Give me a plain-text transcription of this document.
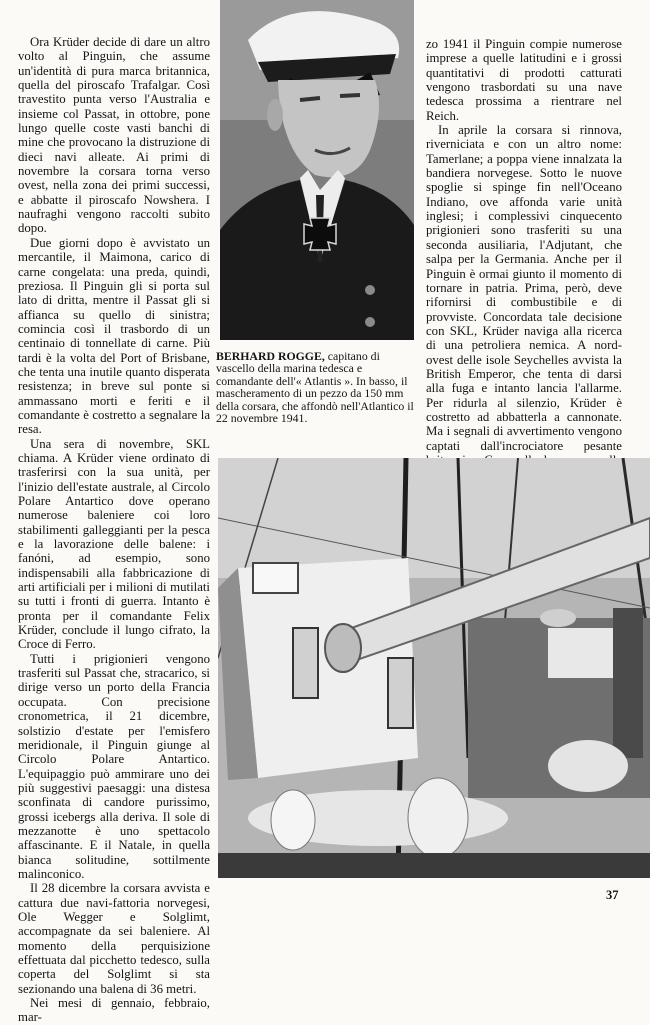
Ora Krüder decide di dare un altro volto al Pinguin, che assume un'identità di pura marca britannica, quella del piroscafo Trafalgar. Così travestito punta verso l'Australia e insieme col Passat, in ottobre, pone lungo quelle coste vasti banchi di mine che provocano la distruzione di dieci navi alleate. Ai primi di novembre la corsara torna verso ovest, nella zona dei primi successi, e abbatte il piroscafo Nowshera. I naufraghi vengono raccolti subito dopo.

Due giorni dopo è avvistato un mercantile, il Maimona, carico di carne congelata: una preda, quindi, preziosa. Il Pinguin gli si porta sul lato di dritta, mentre il Passat gli si affianca su quello di sinistra; comincia così il trasbordo di un centinaio di tonnellate di carne. Più tardi è la volta del Port of Brisbane, che tenta una inutile quanto disperata resistenza; in breve sul ponte si ammassano morti e feriti e il comandante è costretto a segnalare la resa.

Una sera di novembre, SKL chiama. A Krüder viene ordinato di trasferirsi con la sua unità, per l'inizio dell'estate australe, al Circolo Polare Antartico dove operano numerose baleniere coi loro stabilimenti galleggianti per la pesca e la lavorazione delle balene: i fanóni, ad esempio, sono indispensabili alla fabbricazione di arti artificiali per i milioni di mutilati su tutti i fronti di guerra. Intanto è pronta per il comandante Felix Krüder, conclude il lungo cifrato, la Croce di Ferro.

Tutti i prigionieri vengono trasferiti sul Passat che, stracarico, si dirige verso un porto della Francia occupata. Con precisione cronometrica, il 21 dicembre, solstizio d'estate per l'emisfero meridionale, il Pinguin giunge al Circolo Polare Antartico. L'equipaggio può ammirare uno dei più suggestivi paesaggi: una distesa sconfinata di candore purissimo, grossi icebergs alla deriva. Il sole di mezzanotte è uno spettacolo affascinante. E il Natale, in quella bianca solitudine, sottilmente malinconico.

Il 28 dicembre la corsara avvista e cattura due navi-fattoria norvegesi, Ole Wegger e Solglimt, accompagnate da sei baleniere. Al momento della perquisizione effettuata dal picchetto tedesco, sulla coperta del Solglimt si sta sezionando una balena di 36 metri.

Nei mesi di gennaio, febbraio, mar-

BERHARD ROGGE, capitano di vascello della marina tedesca e comandante dell'« Atlantis ». In basso, il mascheramento di un pezzo da 150 mm della corsara, che affondò nell'Atlantico il 22 novembre 1941.

zo 1941 il Pinguin compie numerose imprese a quelle latitudini e i grossi quantitativi di prodotti catturati vengono trasbordati su una nave tedesca prossima a rientrare nel Reich.

In aprile la corsara si rinnova, riverniciata e con un altro nome: Tamerlane; a poppa viene innalzata la bandiera norvegese. Sotto le nuove spoglie si spinge fin nell'Oceano Indiano, ove affonda varie unità inglesi; i complessivi cinquecento prigionieri sono trasferiti su una seconda ausiliaria, l'Adjutant, che salpa per la Germania. Anche per il Pinguin è ormai giunto il momento di tornare in patria. Prima, però, deve rifornirsi di combustibile e di provviste. Concordata tale decisione con SKL, Krüder naviga alla ricerca di una petroliera nemica. A nord-ovest delle isole Seychelles avvista la British Emperor, che tenta di darsi alla fuga e intanto lancia l'allarme. Per ridurla al silenzio, Krüder è costretto ad abbatterla a cannonate. Ma i segnali di avvertimento vengono captati dall'incrociatore pesante

37
